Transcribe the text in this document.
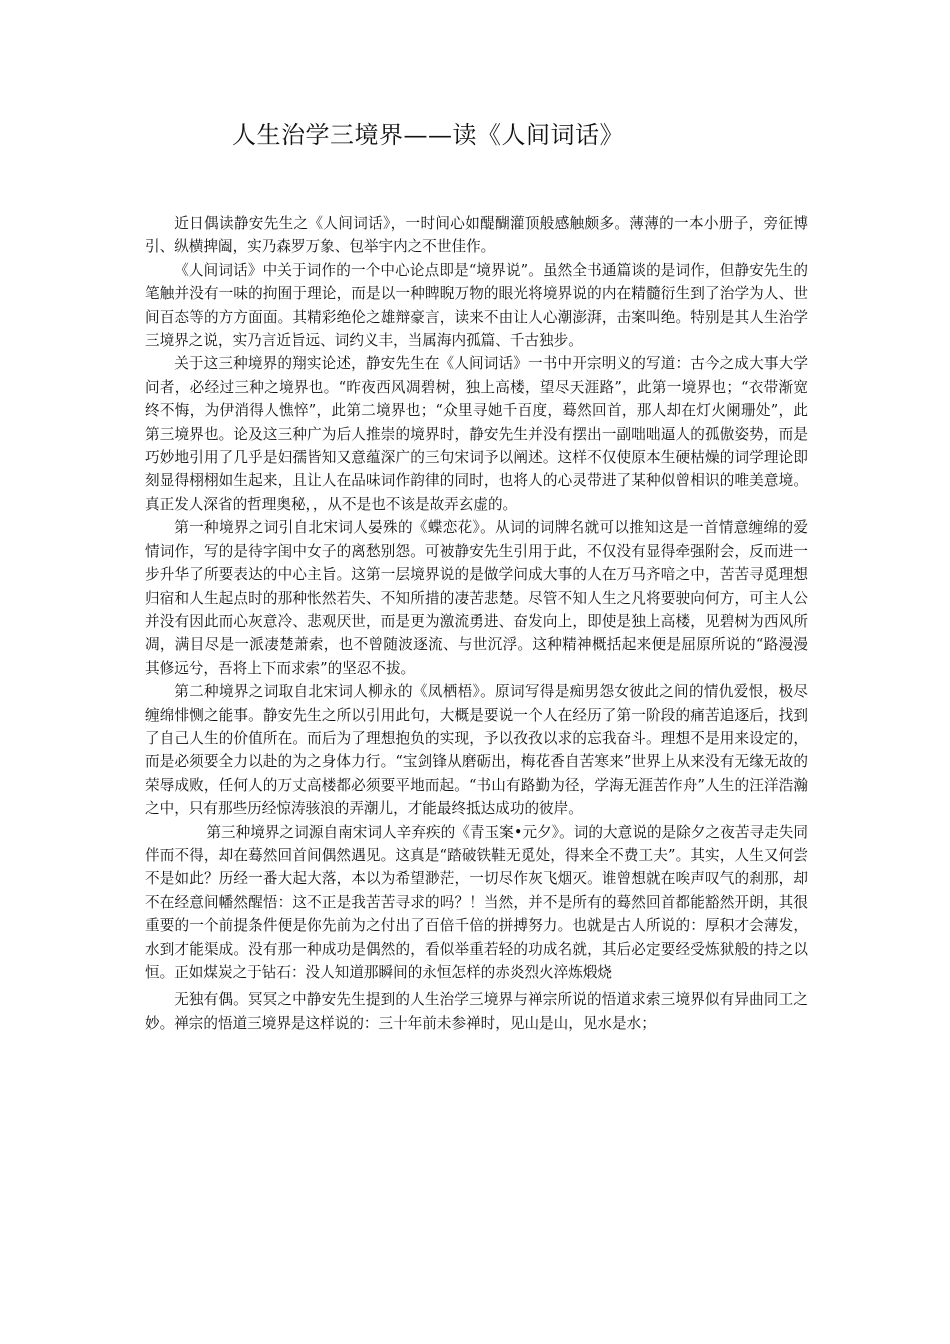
人生治学三境界——读《人间词话》

近日偶读静安先生之《人间词话》，一时间心如醍醐灌顶般感触颇多。薄薄的一本小册子，旁征博引、纵横捭阖，实乃森罗万象、包举宇内之不世佳作。

《人间词话》中关于词作的一个中心论点即是“境界说”。虽然全书通篇谈的是词作，但静安先生的笔触并没有一味的拘囿于理论，而是以一种睥睨万物的眼光将境界说的内在精髓衍生到了治学为人、世间百态等的方方面面。其精彩绝伦之雄辩豪言，读来不由让人心潮澎湃，击案叫绝。特别是其人生治学三境界之说，实乃言近旨远、词约义丰，当属海内孤篇、千古独步。

关于这三种境界的翔实论述，静安先生在《人间词话》一书中开宗明义的写道：古今之成大事大学问者，必经过三种之境界也。“昨夜西风凋碧树，独上高楼，望尽天涯路”，此第一境界也；“衣带渐宽终不悔，为伊消得人憔悴”，此第二境界也；“众里寻她千百度，蓦然回首，那人却在灯火阑珊处”，此第三境界也。论及这三种广为后人推崇的境界时，静安先生并没有摆出一副咄咄逼人的孤傲姿势，而是巧妙地引用了几乎是妇孺皆知又意蕴深广的三句宋词予以阐述。这样不仅使原本生硬枯燥的词学理论即刻显得栩栩如生起来，且让人在品味词作韵律的同时，也将人的心灵带进了某种似曾相识的唯美意境。真正发人深省的哲理奥秘，，从不是也不该是故弄玄虚的。

第一种境界之词引自北宋词人晏殊的《蝶恋花》。从词的词牌名就可以推知这是一首情意缠绵的爱情词作，写的是待字闺中女子的离愁别怨。可被静安先生引用于此，不仅没有显得牵强附会，反而进一步升华了所要表达的中心主旨。这第一层境界说的是做学问成大事的人在万马齐喑之中，苦苦寻觅理想归宿和人生起点时的那种怅然若失、不知所措的凄苦悲楚。尽管不知人生之凡将要驶向何方，可主人公并没有因此而心灰意冷、悲观厌世，而是更为激流勇进、奋发向上，即使是独上高楼，见碧树为西风所凋，满目尽是一派凄楚萧索，也不曾随波逐流、与世沉浮。这种精神概括起来便是屈原所说的“路漫漫其修远兮，吾将上下而求索”的坚忍不拔。

第二种境界之词取自北宋词人柳永的《凤栖梧》。原词写得是痴男怨女彼此之间的情仇爱恨，极尽缠绵悱恻之能事。静安先生之所以引用此句，大概是要说一个人在经历了第一阶段的痛苦追逐后，找到了自己人生的价值所在。而后为了理想抱负的实现，予以孜孜以求的忘我奋斗。理想不是用来设定的，而是必须要全力以赴的为之身体力行。“宝剑锋从磨砺出，梅花香自苦寒来”世界上从来没有无缘无故的荣辱成败，任何人的万丈高楼都必须要平地而起。“书山有路勤为径，学海无涯苦作舟”人生的汪洋浩瀚之中，只有那些历经惊涛骇浪的弄潮儿，才能最终抵达成功的彼岸。

第三种境界之词源自南宋词人辛弃疾的《青玉案•元夕》。词的大意说的是除夕之夜苦寻走失同伴而不得，却在蓦然回首间偶然遇见。这真是“踏破铁鞋无觅处，得来全不费工夫”。其实，人生又何尝不是如此？历经一番大起大落，本以为希望渺茫，一切尽作灰飞烟灭。谁曾想就在唉声叹气的刹那，却不在经意间幡然醒悟：这不正是我苦苦寻求的吗？！当然，并不是所有的蓦然回首都能豁然开朗，其很重要的一个前提条件便是你先前为之付出了百倍千倍的拼搏努力。也就是古人所说的：厚积才会薄发，水到才能渠成。没有那一种成功是偶然的，看似举重若轻的功成名就，其后必定要经受炼狱般的持之以恒。正如煤炭之于钻石：没人知道那瞬间的永恒怎样的赤炎烈火淬炼煅烧

无独有偶。冥冥之中静安先生提到的人生治学三境界与禅宗所说的悟道求索三境界似有异曲同工之妙。禅宗的悟道三境界是这样说的：三十年前未参禅时，见山是山，见水是水；
